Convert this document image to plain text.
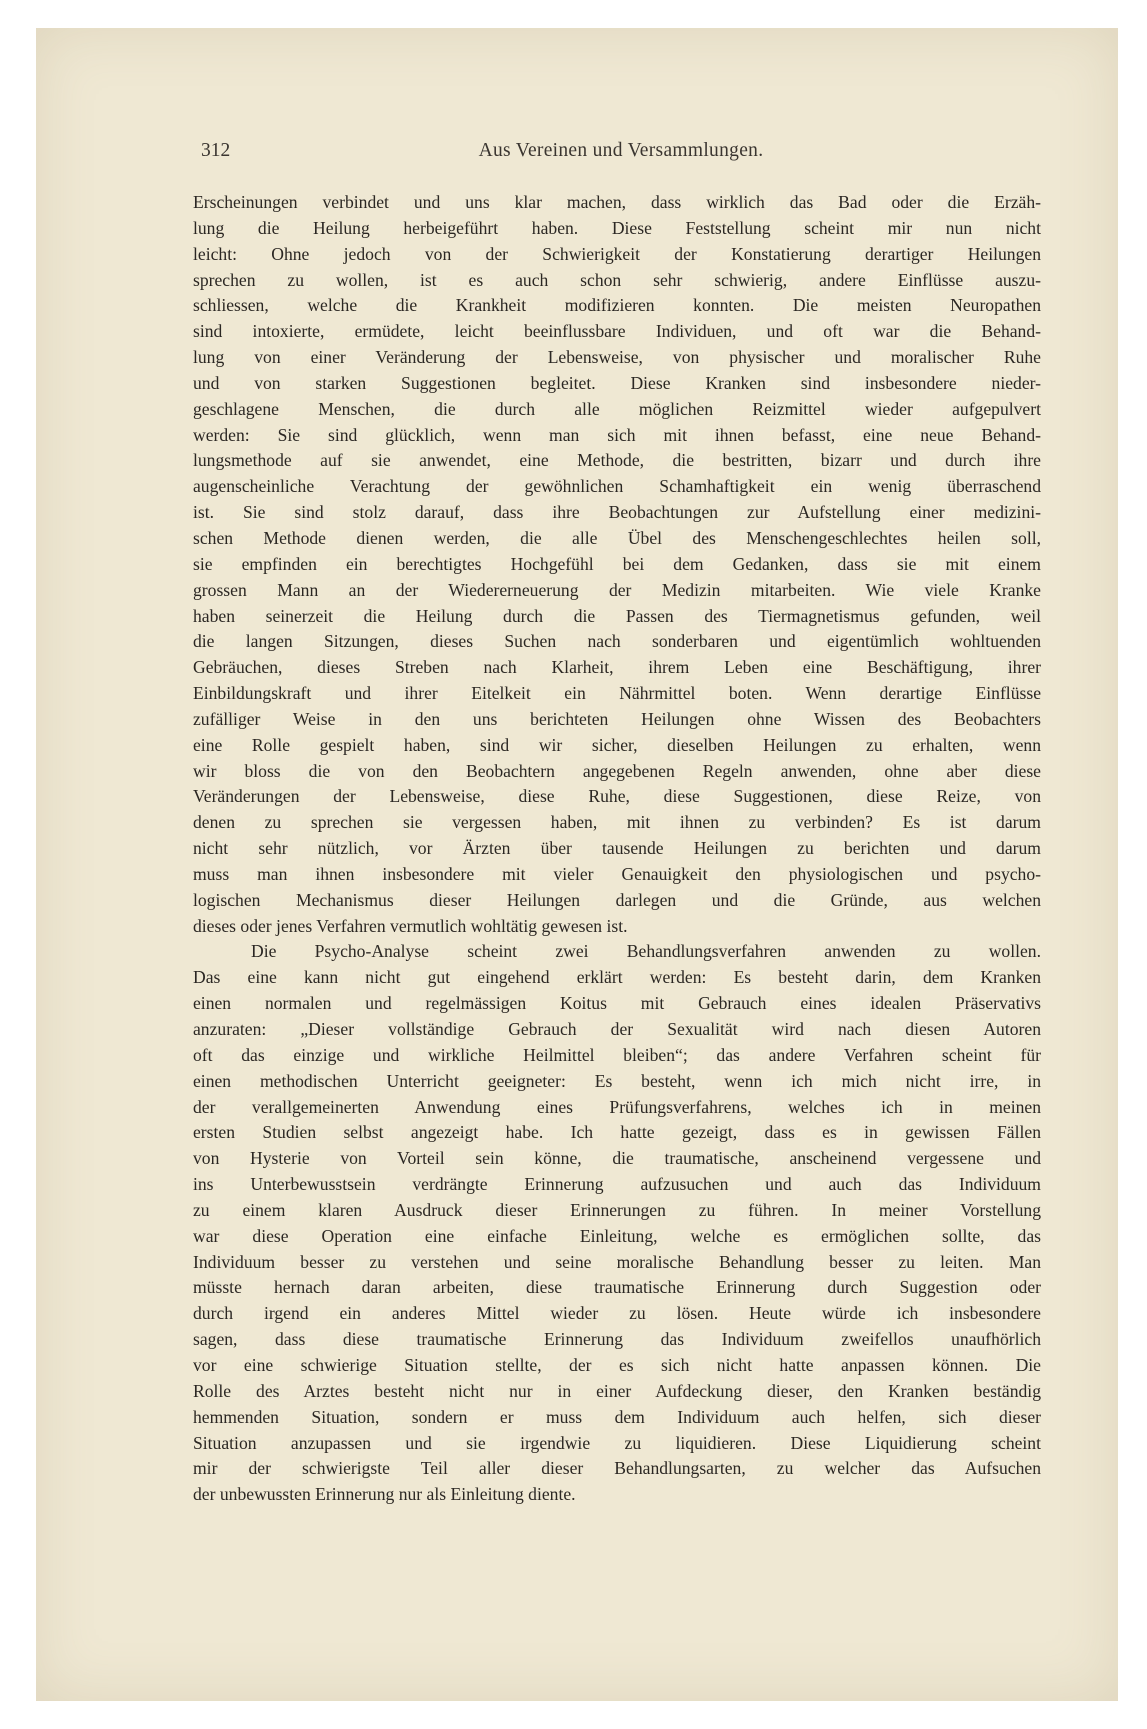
312	Aus Vereinen und Versammlungen.
Erscheinungen verbindet und uns klar machen, dass wirklich das Bad oder die Erzäh-
lung die Heilung herbeigeführt haben. Diese Feststellung scheint mir nun nicht
leicht: Ohne jedoch von der Schwierigkeit der Konstatierung derartiger Heilungen
sprechen zu wollen, ist es auch schon sehr schwierig, andere Einflüsse auszu-
schliessen, welche die Krankheit modifizieren konnten. Die meisten Neuropathen
sind intoxierte, ermüdete, leicht beeinflussbare Individuen, und oft war die Behand-
lung von einer Veränderung der Lebensweise, von physischer und moralischer Ruhe
und von starken Suggestionen begleitet. Diese Kranken sind insbesondere nieder-
geschlagene Menschen, die durch alle möglichen Reizmittel wieder aufgepulvert
werden: Sie sind glücklich, wenn man sich mit ihnen befasst, eine neue Behand-
lungsmethode auf sie anwendet, eine Methode, die bestritten, bizarr und durch ihre
augenscheinliche Verachtung der gewöhnlichen Schamhaftigkeit ein wenig überraschend
ist. Sie sind stolz darauf, dass ihre Beobachtungen zur Aufstellung einer medizini-
schen Methode dienen werden, die alle Übel des Menschengeschlechtes heilen soll,
sie empfinden ein berechtigtes Hochgefühl bei dem Gedanken, dass sie mit einem
grossen Mann an der Wiedererneuerung der Medizin mitarbeiten. Wie viele Kranke
haben seinerzeit die Heilung durch die Passen des Tiermagnetismus gefunden, weil
die langen Sitzungen, dieses Suchen nach sonderbaren und eigentümlich wohltuenden
Gebräuchen, dieses Streben nach Klarheit, ihrem Leben eine Beschäftigung, ihrer
Einbildungskraft und ihrer Eitelkeit ein Nährmittel boten. Wenn derartige Einflüsse
zufälliger Weise in den uns berichteten Heilungen ohne Wissen des Beobachters
eine Rolle gespielt haben, sind wir sicher, dieselben Heilungen zu erhalten, wenn
wir bloss die von den Beobachtern angegebenen Regeln anwenden, ohne aber diese
Veränderungen der Lebensweise, diese Ruhe, diese Suggestionen, diese Reize, von
denen zu sprechen sie vergessen haben, mit ihnen zu verbinden? Es ist darum
nicht sehr nützlich, vor Ärzten über tausende Heilungen zu berichten und darum
muss man ihnen insbesondere mit vieler Genauigkeit den physiologischen und psycho-
logischen Mechanismus dieser Heilungen darlegen und die Gründe, aus welchen
dieses oder jenes Verfahren vermutlich wohltätig gewesen ist.
Die Psycho-Analyse scheint zwei Behandlungsverfahren anwenden zu wollen.
Das eine kann nicht gut eingehend erklärt werden: Es besteht darin, dem Kranken
einen normalen und regelmässigen Koitus mit Gebrauch eines idealen Präservativs
anzuraten: „Dieser vollständige Gebrauch der Sexualität wird nach diesen Autoren
oft das einzige und wirkliche Heilmittel bleiben“; das andere Verfahren scheint für
einen methodischen Unterricht geeigneter: Es besteht, wenn ich mich nicht irre, in
der verallgemeinerten Anwendung eines Prüfungsverfahrens, welches ich in meinen
ersten Studien selbst angezeigt habe. Ich hatte gezeigt, dass es in gewissen Fällen
von Hysterie von Vorteil sein könne, die traumatische, anscheinend vergessene und
ins Unterbewusstsein verdrängte Erinnerung aufzusuchen und auch das Individuum
zu einem klaren Ausdruck dieser Erinnerungen zu führen. In meiner Vorstellung
war diese Operation eine einfache Einleitung, welche es ermöglichen sollte, das
Individuum besser zu verstehen und seine moralische Behandlung besser zu leiten. Man
müsste hernach daran arbeiten, diese traumatische Erinnerung durch Suggestion oder
durch irgend ein anderes Mittel wieder zu lösen. Heute würde ich insbesondere
sagen, dass diese traumatische Erinnerung das Individuum zweifellos unaufhörlich
vor eine schwierige Situation stellte, der es sich nicht hatte anpassen können. Die
Rolle des Arztes besteht nicht nur in einer Aufdeckung dieser, den Kranken beständig
hemmenden Situation, sondern er muss dem Individuum auch helfen, sich dieser
Situation anzupassen und sie irgendwie zu liquidieren. Diese Liquidierung scheint
mir der schwierigste Teil aller dieser Behandlungsarten, zu welcher das Aufsuchen
der unbewussten Erinnerung nur als Einleitung diente.
